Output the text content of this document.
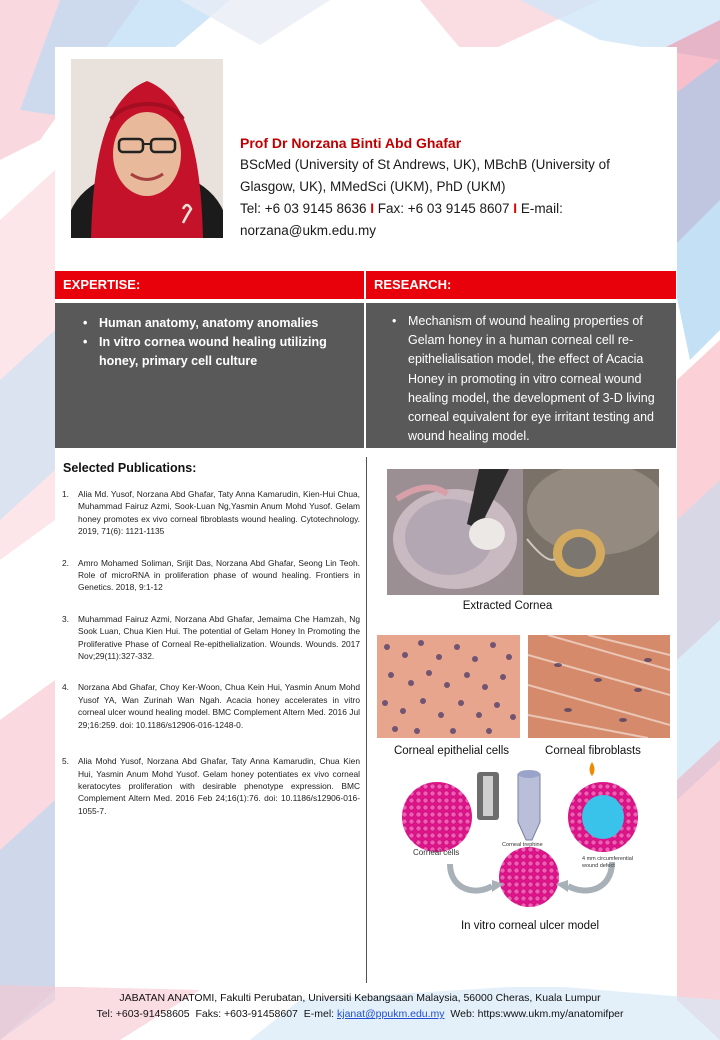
Prof Dr Norzana Binti Abd Ghafar
BScMed (University of St Andrews, UK), MBchB (University of Glasgow, UK), MMedSci (UKM), PhD (UKM)
Tel: +6 03 9145 8636 I Fax: +6 03 9145 8607 I E-mail: norzana@ukm.edu.my
EXPERTISE:	RESEARCH:
• Human anatomy, anatomy anomalies
• In vitro cornea wound healing utilizing honey, primary cell culture
• Mechanism of wound healing properties of Gelam honey in a human corneal cell re-epithelialisation model, the effect of Acacia Honey in promoting in vitro corneal wound healing model, the development of 3-D living corneal equivalent for eye irritant testing and wound healing model.
Selected Publications:
1. Alia Md. Yusof, Norzana Abd Ghafar, Taty Anna Kamarudin, Kien-Hui Chua, Muhammad Fairuz Azmi, Sook-Luan Ng,Yasmin Anum Mohd Yusof. Gelam honey promotes ex vivo corneal fibroblasts wound healing. Cytotechnology. 2019, 71(6): 1121-1135
2. Amro Mohamed Soliman, Srijit Das, Norzana Abd Ghafar, Seong Lin Teoh. Role of microRNA in proliferation phase of wound healing. Frontiers in Genetics. 2018, 9:1-12
3. Muhammad Fairuz Azmi, Norzana Abd Ghafar, Jemaima Che Hamzah, Ng Sook Luan, Chua Kien Hui. The potential of Gelam Honey In Promoting the Proliferative Phase of Corneal Re-epithelialization. Wounds. Wounds. 2017 Nov;29(11):327-332.
4. Norzana Abd Ghafar, Choy Ker-Woon, Chua Kein Hui, Yasmin Anum Mohd Yusof YA, Wan Zurinah Wan Ngah. Acacia honey accelerates in vitro corneal ulcer wound healing model. BMC Complement Altern Med. 2016 Jul 29;16:259. doi: 10.1186/s12906-016-1248-0.
5. Alia Mohd Yusof, Norzana Abd Ghafar, Taty Anna Kamarudin, Chua Kien Hui, Yasmin Anum Mohd Yusof. Gelam honey potentiates ex vivo corneal keratocytes proliferation with desirable phenotype expression. BMC Complement Altern Med. 2016 Feb 24;16(1):76. doi: 10.1186/s12906-016-1055-7.
Extracted Cornea
Corneal epithelial cells	Corneal fibroblasts
Corneal cells
Corneal trephine
4 mm
4 mm circumferential
wound defect
In vitro corneal ulcer model
JABATAN ANATOMI, Fakulti Perubatan, Universiti Kebangsaan Malaysia, 56000 Cheras, Kuala Lumpur
Tel: +603-91458605 Faks: +603-91458607 E-mel: kjanat@ppukm.edu.my Web: https:www.ukm.my/anatomifper
